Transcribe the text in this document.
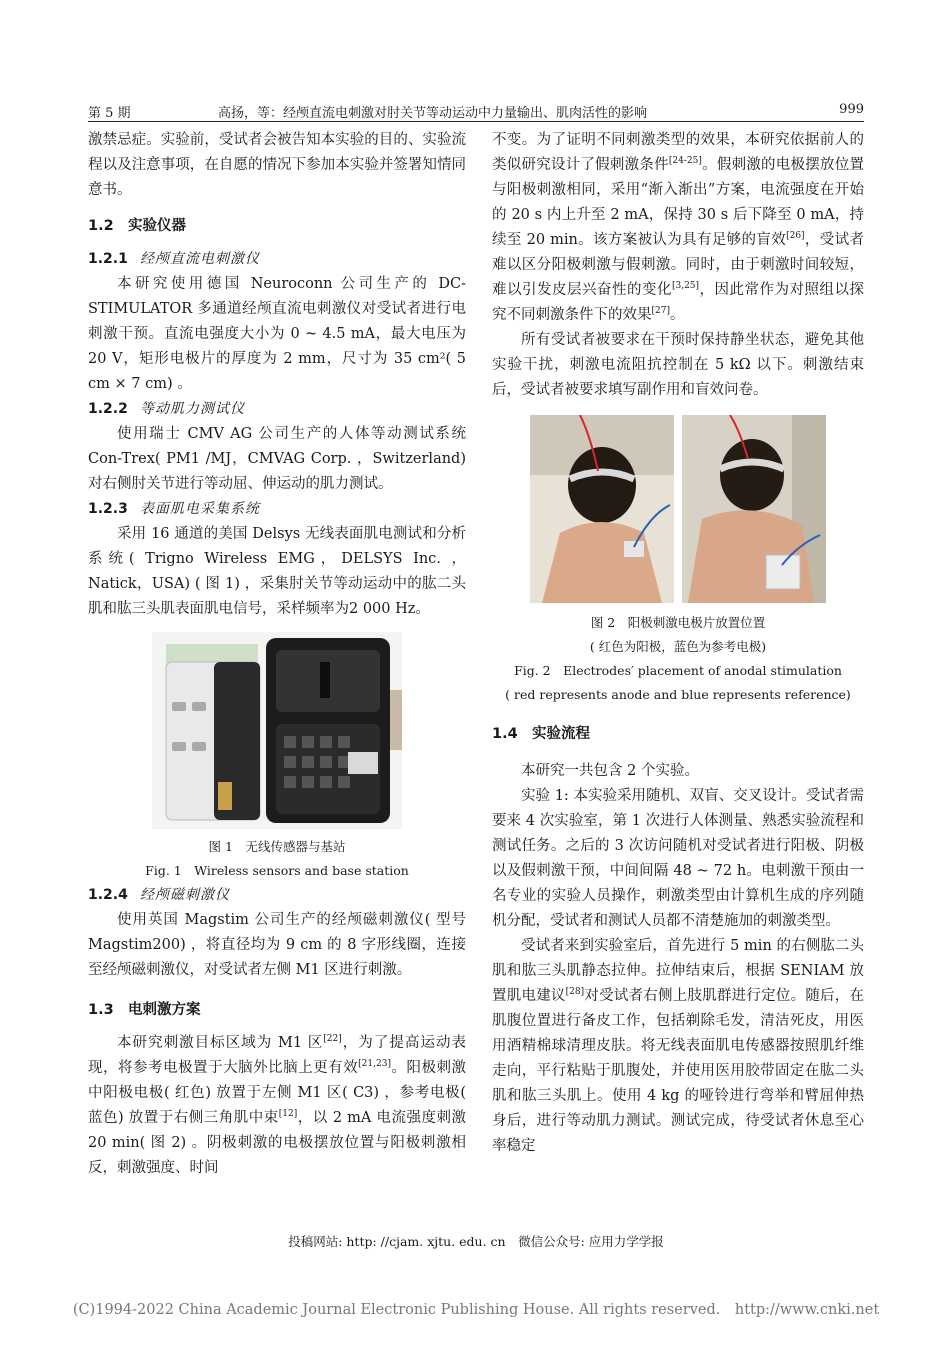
第 5 期	高扬，等：经颅直流电刺激对肘关节等动运动中力量输出、肌肉活性的影响	999

激禁忌症。实验前，受试者会被告知本实验的目的、实验流程以及注意事项，在自愿的情况下参加本实验并签署知情同意书。

1.2 实验仪器
1.2.1 经颅直流电刺激仪

本研究使用德国 Neuroconn 公司生产的 DC-STIMULATOR 多通道经颅直流电刺激仪对受试者进行电刺激干预。直流电强度大小为 0 ~ 4.5 mA，最大电压为 20 V，矩形电极片的厚度为 2 mm，尺寸为 35 cm²( 5 cm × 7 cm) 。

1.2.2 等动肌力测试仪

使用瑞士 CMV AG 公司生产的人体等动测试系统 Con-Trex( PM1 /MJ，CMVAG Corp. ，Switzerland) 对右侧肘关节进行等动屈、伸运动的肌力测试。

1.2.3 表面肌电采集系统

采用 16 通道的美国 Delsys 无线表面肌电测试和分析系统( Trigno Wireless EMG，DELSYS Inc. ，Natick，USA) ( 图 1) ，采集肘关节等动运动中的肱二头肌和肱三头肌表面肌电信号，采样频率为2 000 Hz。

图 1　无线传感器与基站
Fig. 1　Wireless sensors and base station
1.2.4 经颅磁刺激仪

使用英国 Magstim 公司生产的经颅磁刺激仪( 型号 Magstim200) ，将直径均为 9 cm 的 8 字形线圈，连接至经颅磁刺激仪，对受试者左侧 M1 区进行刺激。

1.3 电刺激方案

本研究刺激目标区域为 M1 区[22]，为了提高运动表现，将参考电极置于大脑外比脑上更有效[21,23]。阳极刺激中阳极电极( 红色) 放置于左侧 M1 区( C3) ，参考电极( 蓝色) 放置于右侧三角肌中束[12]，以 2 mA 电流强度刺激 20 min( 图 2) 。阴极刺激的电极摆放位置与阳极刺激相反，刺激强度、时间

不变。为了证明不同刺激类型的效果，本研究依据前人的类似研究设计了假刺激条件[24-25]。假刺激的电极摆放位置与阳极刺激相同，采用“渐入渐出”方案，电流强度在开始的 20 s 内上升至 2 mA，保持 30 s 后下降至 0 mA，持续至 20 min。该方案被认为具有足够的盲效[26]，受试者难以区分阳极刺激与假刺激。同时，由于刺激时间较短，难以引发皮层兴奋性的变化[3,25]，因此常作为对照组以探究不同刺激条件下的效果[27]。

所有受试者被要求在干预时保持静坐状态，避免其他实验干扰，刺激电流阻抗控制在 5 kΩ 以下。刺激结束后，受试者被要求填写副作用和盲效问卷。

图 2　阳极刺激电极片放置位置
( 红色为阳极，蓝色为参考电极)
Fig. 2　Electrodes′ placement of anodal stimulation
( red represents anode and blue represents reference)
1.4 实验流程

本研究一共包含 2 个实验。

实验 1: 本实验采用随机、双盲、交叉设计。受试者需要来 4 次实验室，第 1 次进行人体测量、熟悉实验流程和测试任务。之后的 3 次访问随机对受试者进行阳极、阴极以及假刺激干预，中间间隔 48 ~ 72 h。电刺激干预由一名专业的实验人员操作，刺激类型由计算机生成的序列随机分配，受试者和测试人员都不清楚施加的刺激类型。

受试者来到实验室后，首先进行 5 min 的右侧肱二头肌和肱三头肌静态拉伸。拉伸结束后，根据 SENIAM 放置肌电建议[28]对受试者右侧上肢肌群进行定位。随后，在肌腹位置进行备皮工作，包括剃除毛发，清洁死皮，用医用酒精棉球清理皮肤。将无线表面肌电传感器按照肌纤维走向，平行粘贴于肌腹处，并使用医用胶带固定在肱二头肌和肱三头肌上。使用 4 kg 的哑铃进行弯举和臂屈伸热身后，进行等动肌力测试。测试完成，待受试者休息至心率稳定

投稿网站: http: //cjam. xjtu. edu. cn　微信公众号: 应用力学学报
(C)1994-2022 China Academic Journal Electronic Publishing House. All rights reserved.　http://www.cnki.net
